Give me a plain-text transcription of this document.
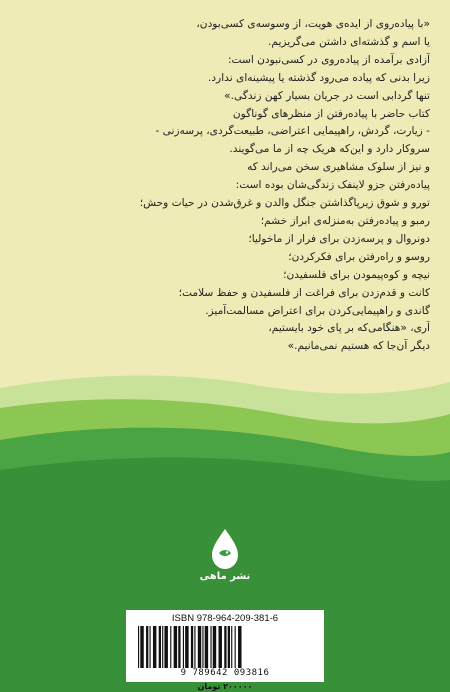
«با پیاده‌روی از ایده‌ی هویت، از وسوسه‌ی کسی‌بودن،
یا اسم و گذشته‌ای داشتن می‌گریزیم.
آزادی برآمده از پیاده‌روی در کسی‌نبودن است:
زیرا بدنی که پیاده می‌رود گذشته یا پیشینه‌ای ندارد.
تنها گردابی است در جریان بسیار کهن زندگی.»
کتاب حاضر با پیاده‌رفتن از منظرهای گوناگون
- زیارت، گردش، راهپیمایی اعتراضی، طبیعت‌گردی، پرسه‌زنی -
سروکار دارد و این‌که هریک چه از ما می‌گویند.
و نیز از سلوک مشاهیری سخن می‌راند که
پیاده‌رفتن جزو لاینفک زندگی‌شان بوده است:
تورو و شوق زیرپاگذاشتن جنگل والدن و غرق‌شدن در حیات وحش؛
رمبو و پیاده‌رفتن به‌منزله‌ی ابراز خشم؛
دونروال و پرسه‌زدن برای فرار از ماخولیا؛
روسو و راه‌رفتن برای فکرکردن؛
نیچه و کوه‌پیمودن برای فلسفیدن؛
کانت و قدم‌زدن برای فراغت از فلسفیدن و حفظ سلامت؛
گاندی و راهپیمایی‌کردن برای اعتراض مسالمت‌آمیز.
آری، «هنگامی‌که بر پای خود بایستیم،
دیگر آن‌جا که هستیم نمی‌مانیم.»
نشر ماهی
ISBN 978-964-209-381-6
9 789642 093816
۲۰۰۰۰۰ تومان
